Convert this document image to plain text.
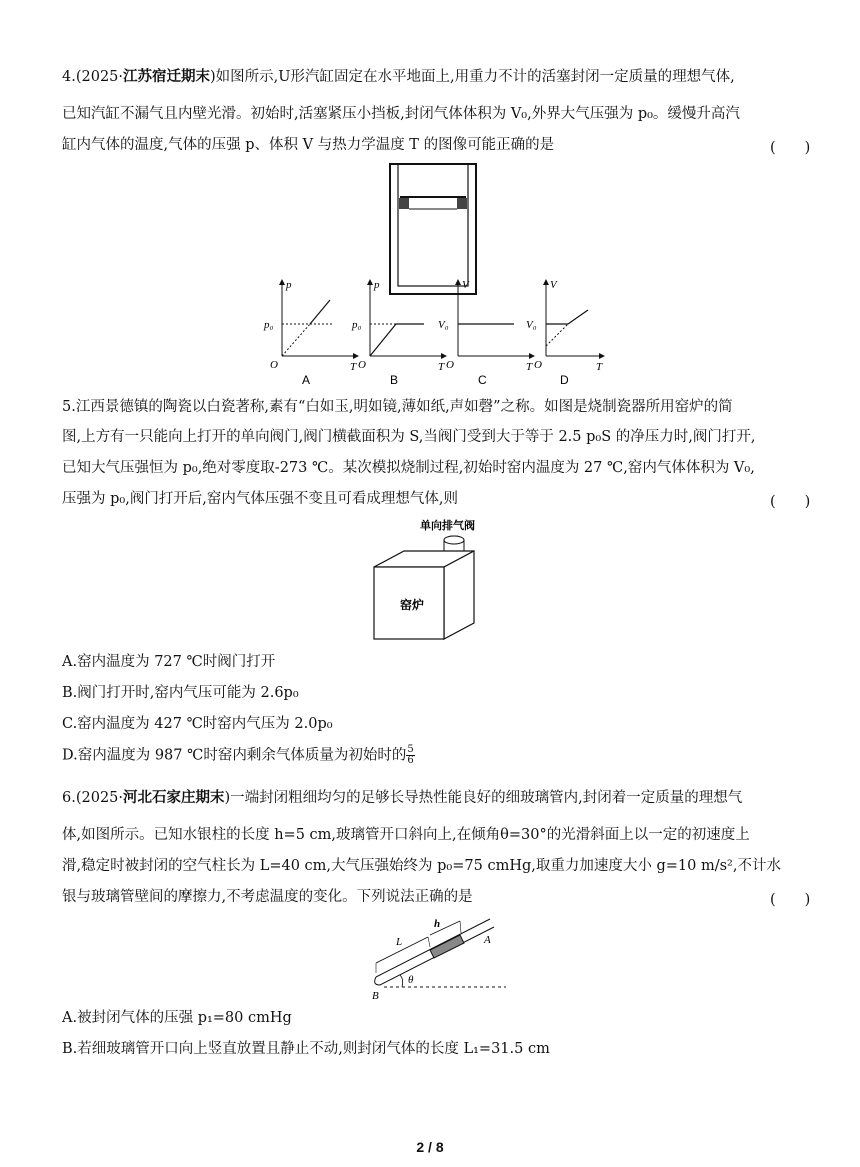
4.(2025·江苏宿迁期末)如图所示,U形汽缸固定在水平地面上,用重力不计的活塞封闭一定质量的理想气体,
已知汽缸不漏气且内壁光滑。初始时,活塞紧压小挡板,封闭气体体积为 V₀,外界大气压强为 p₀。缓慢升高汽
缸内气体的温度,气体的压强 p、体积 V 与热力学温度 T 的图像可能正确的是	(　　)
p
T
p₀
O
A
p
T
p₀
O
B
V
T
V₀
O
C
V
T
V₀
O
D
5.江西景德镇的陶瓷以白瓷著称,素有“白如玉,明如镜,薄如纸,声如磬”之称。如图是烧制瓷器所用窑炉的简
图,上方有一只能向上打开的单向阀门,阀门横截面积为 S,当阀门受到大于等于 2.5 p₀S 的净压力时,阀门打开,
已知大气压强恒为 p₀,绝对零度取-273 ℃。某次模拟烧制过程,初始时窑内温度为 27 ℃,窑内气体体积为 V₀,
压强为 p₀,阀门打开后,窑内气体压强不变且可看成理想气体,则	(　　)
单向排气阀
窑炉
A.窑内温度为 727 ℃时阀门打开
B.阀门打开时,窑内气压可能为 2.6p₀
C.窑内温度为 427 ℃时窑内气压为 2.0p₀
D.窑内温度为 987 ℃时窑内剩余气体质量为初始时的 $\frac{5}{6}$
6.(2025·河北石家庄期末)一端封闭粗细均匀的足够长导热性能良好的细玻璃管内,封闭着一定质量的理想气
体,如图所示。已知水银柱的长度 h=5 cm,玻璃管开口斜向上,在倾角θ=30°的光滑斜面上以一定的初速度上
滑,稳定时被封闭的空气柱长为 L=40 cm,大气压强始终为 p₀=75 cmHg,取重力加速度大小 g=10 m/s²,不计水
银与玻璃管壁间的摩擦力,不考虑温度的变化。下列说法正确的是	(　　)
L
h
A
B
θ
A.被封闭气体的压强 p₁=80 cmHg
B.若细玻璃管开口向上竖直放置且静止不动,则封闭气体的长度 L₁=31.5 cm
2 / 8
